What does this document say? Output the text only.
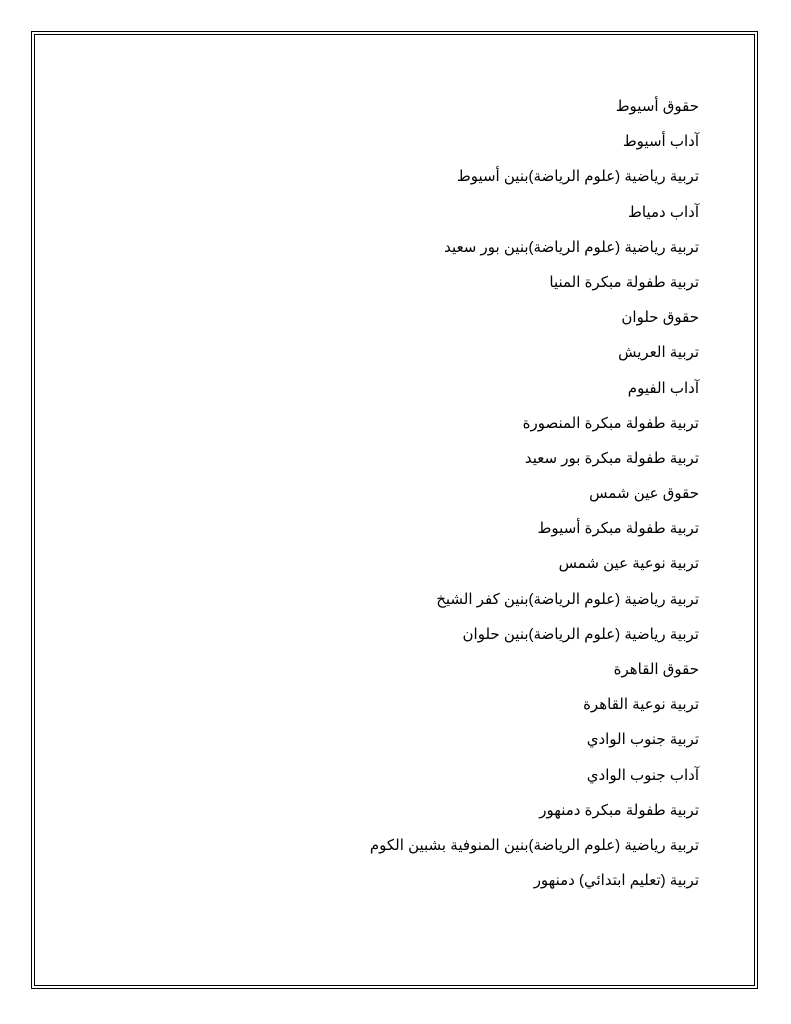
حقوق أسيوط
آداب أسيوط
تربية رياضية (علوم الرياضة)بنين أسيوط
آداب دمياط
تربية رياضية (علوم الرياضة)بنين بور سعيد
تربية طفولة مبكرة المنيا
حقوق حلوان
تربية العريش
آداب الفيوم
تربية طفولة مبكرة المنصورة
تربية طفولة مبكرة بور سعيد
حقوق عين شمس
تربية طفولة مبكرة أسيوط
تربية نوعية عين شمس
تربية رياضية (علوم الرياضة)بنين كفر الشيخ
تربية رياضية (علوم الرياضة)بنين حلوان
حقوق القاهرة
تربية نوعية القاهرة
تربية جنوب الوادي
آداب جنوب الوادي
تربية طفولة مبكرة دمنهور
تربية رياضية (علوم الرياضة)بنين المنوفية بشبين الكوم
تربية (تعليم ابتدائي) دمنهور
